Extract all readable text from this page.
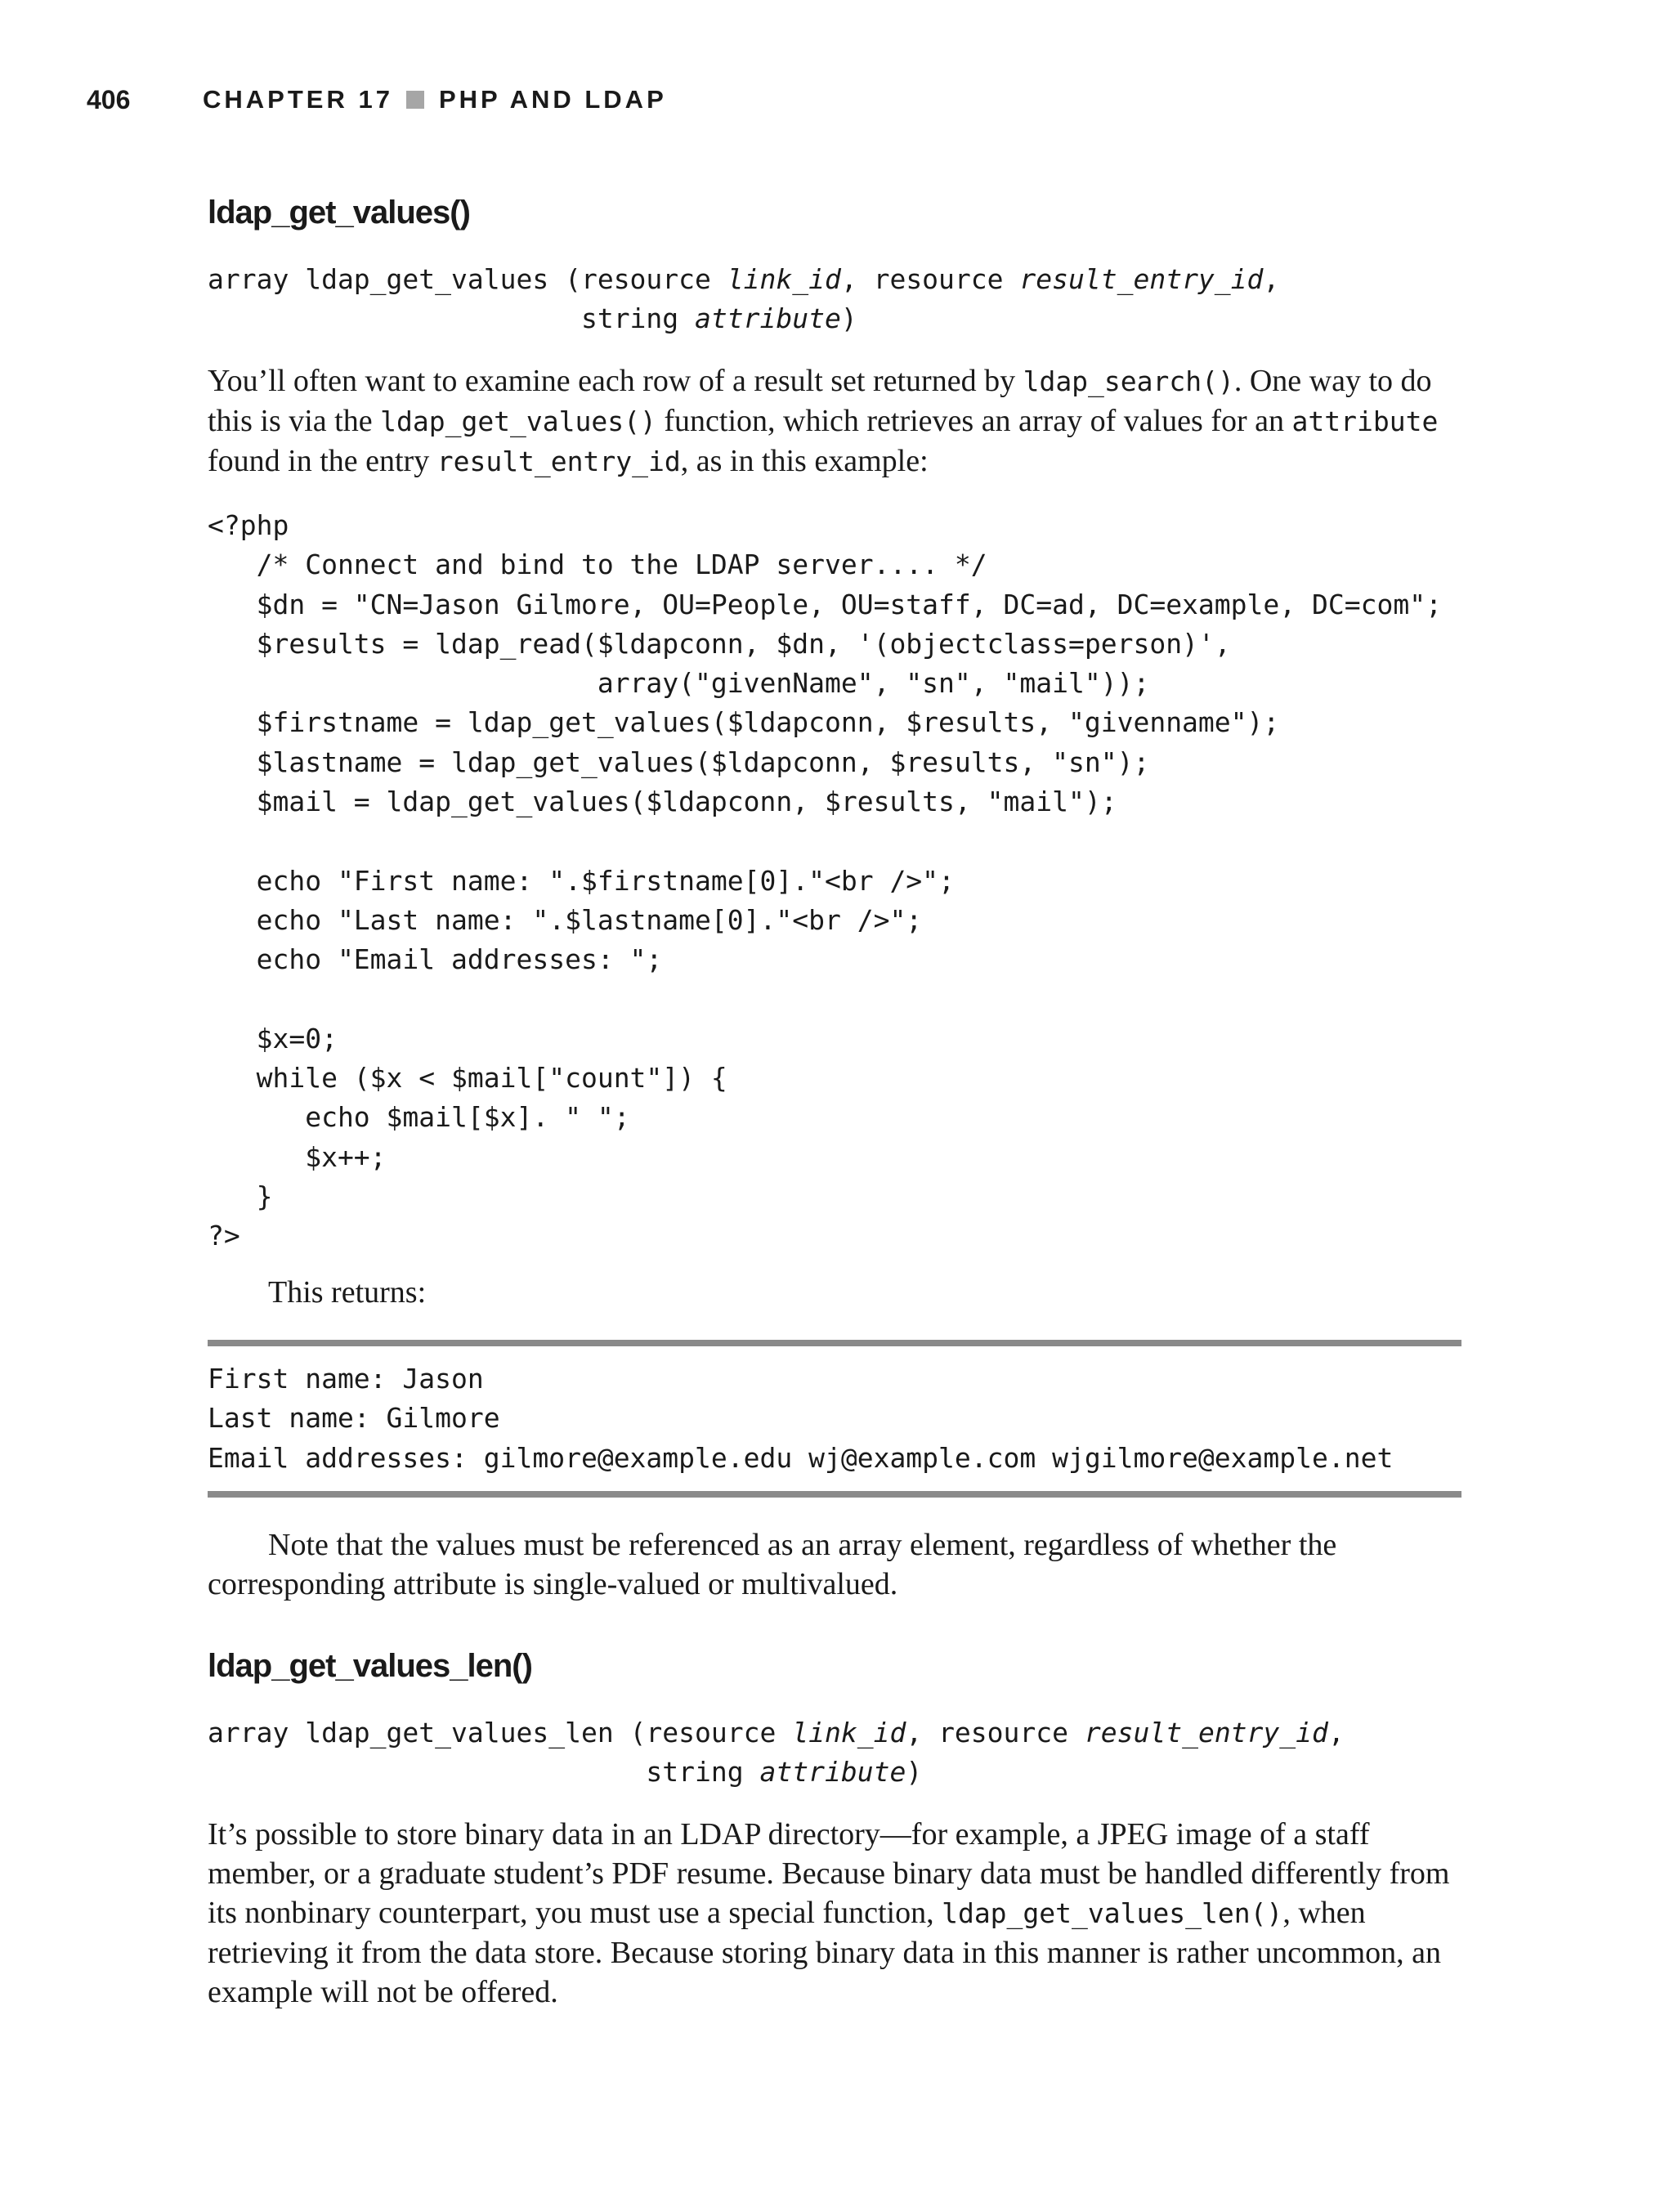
406	CHAPTER 17 PHP AND LDAP
ldap_get_values()
array ldap_get_values (resource link_id, resource result_entry_id,
string attribute)

You’ll often want to examine each row of a result set returned by ldap_search(). One way to do this is via the ldap_get_values() function, which retrieves an array of values for an attribute found in the entry result_entry_id, as in this example:

<?php
/* Connect and bind to the LDAP server.... */
$dn = "CN=Jason Gilmore, OU=People, OU=staff, DC=ad, DC=example, DC=com";
$results = ldap_read($ldapconn, $dn, '(objectclass=person)',
array("givenName", "sn", "mail"));
$firstname = ldap_get_values($ldapconn, $results, "givenname");
$lastname = ldap_get_values($ldapconn, $results, "sn");
$mail = ldap_get_values($ldapconn, $results, "mail");

echo "First name: ".$firstname[0]."<br />";
echo "Last name: ".$lastname[0]."<br />";
echo "Email addresses: ";

$x=0;
while ($x < $mail["count"]) {
echo $mail[$x]. " ";
$x++;
}
?>

This returns:

First name: Jason
Last name: Gilmore
Email addresses: gilmore@example.edu wj@example.com wjgilmore@example.net

Note that the values must be referenced as an array element, regardless of whether the corresponding attribute is single-valued or multivalued.

ldap_get_values_len()
array ldap_get_values_len (resource link_id, resource result_entry_id,
string attribute)

It’s possible to store binary data in an LDAP directory—for example, a JPEG image of a staff member, or a graduate student’s PDF resume. Because binary data must be handled differently from its nonbinary counterpart, you must use a special function, ldap_get_values_len(), when retrieving it from the data store. Because storing binary data in this manner is rather uncommon, an example will not be offered.
